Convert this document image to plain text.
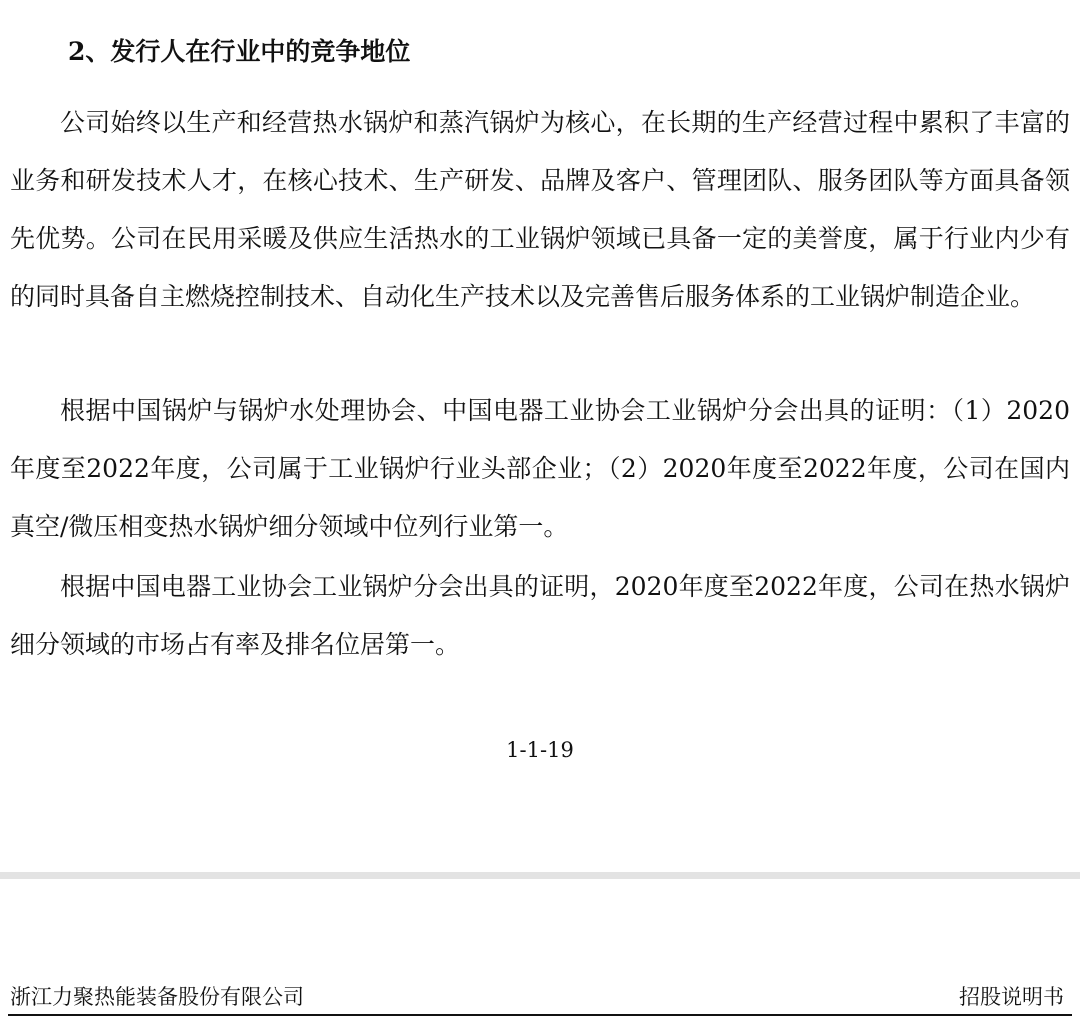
2、发行人在行业中的竞争地位

公司始终以生产和经营热水锅炉和蒸汽锅炉为核心，在长期的生产经营过程中累积了丰富的业务和研发技术人才，在核心技术、生产研发、品牌及客户、管理团队、服务团队等方面具备领先优势。公司在民用采暖及供应生活热水的工业锅炉领域已具备一定的美誉度，属于行业内少有的同时具备自主燃烧控制技术、自动化生产技术以及完善售后服务体系的工业锅炉制造企业。

根据中国锅炉与锅炉水处理协会、中国电器工业协会工业锅炉分会出具的证明：（1）2020年度至2022年度，公司属于工业锅炉行业头部企业；（2）2020年度至2022年度，公司在国内真空/微压相变热水锅炉细分领域中位列行业第一。

根据中国电器工业协会工业锅炉分会出具的证明，2020年度至2022年度，公司在热水锅炉细分领域的市场占有率及排名位居第一。

1-1-19
浙江力聚热能装备股份有限公司	招股说明书
